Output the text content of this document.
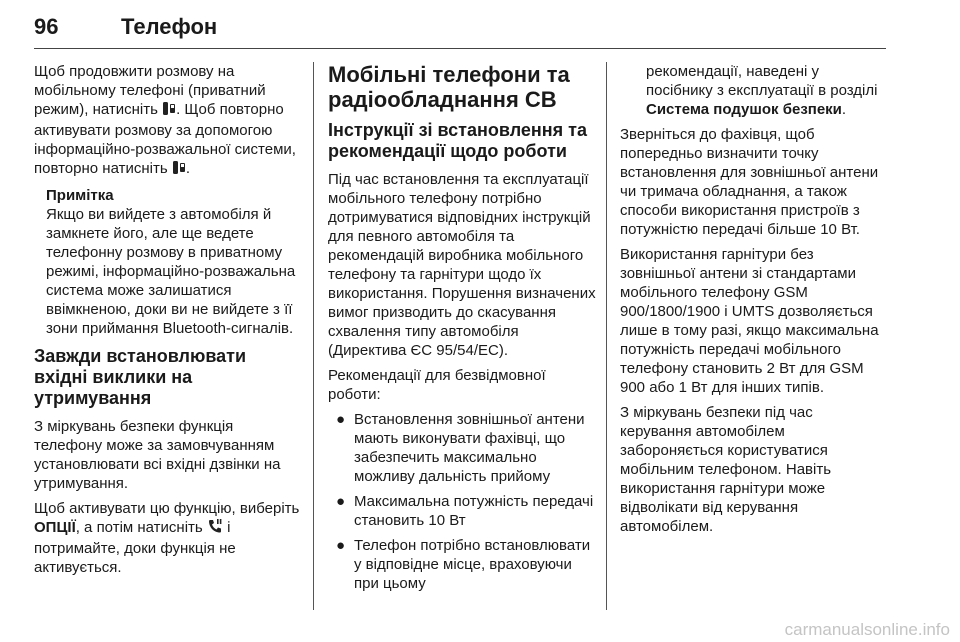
96	Телефон

Щоб продовжити розмову на мобільному телефоні (приватний режим), натисніть . Щоб повторно активувати розмову за допомогою інформаційно-розважальної системи, повторно натисніть .

Примітка
Якщо ви вийдете з автомобіля й замкнете його, але ще ведете телефонну розмову в приватному режимі, інформаційно-розважальна система може залишатися ввімкненою, доки ви не вийдете з її зони приймання Bluetooth-сигналів.
Завжди встановлювати вхідні виклики на утримування

З міркувань безпеки функція телефону може за замовчуванням установлювати всі вхідні дзвінки на утримування.

Щоб активувати цю функцію, виберіть ОПЦІЇ, а потім натисніть  і потримайте, доки функція не активується.

Мобільні телефони та радіообладнання СВ
Інструкції зі встановлення та рекомендації щодо роботи

Під час встановлення та експлуатації мобільного телефону потрібно дотримуватися відповідних інструкцій для певного автомобіля та рекомендацій виробника мобільного телефону та гарнітури щодо їх використання. Порушення визначених вимог призводить до скасування схвалення типу автомобіля (Директива ЄС 95/54/ЕС).

Рекомендації для безвідмовної роботи:

● Встановлення зовнішньої антени мають виконувати фахівці, що забезпечить максимально можливу дальність прийому
● Максимальна потужність передачі становить 10 Вт
● Телефон потрібно встановлювати у відповідне місце, враховуючи при цьому

рекомендації, наведені у посібнику з експлуатації в розділі Система подушок безпеки.

Зверніться до фахівця, щоб попередньо визначити точку встановлення для зовнішньої антени чи тримача обладнання, а також способи використання пристроїв з потужністю передачі більше 10 Вт.

Використання гарнітури без зовнішньої антени зі стандартами мобільного телефону GSM 900/1800/1900 і UMTS дозволяється лише в тому разі, якщо максимальна потужність передачі мобільного телефону становить 2 Вт для GSM 900 або 1 Вт для інших типів.

З міркувань безпеки під час керування автомобілем забороняється користуватися мобільним телефоном. Навіть використання гарнітури може відволікати від керування автомобілем.

carmanualsonline.info
